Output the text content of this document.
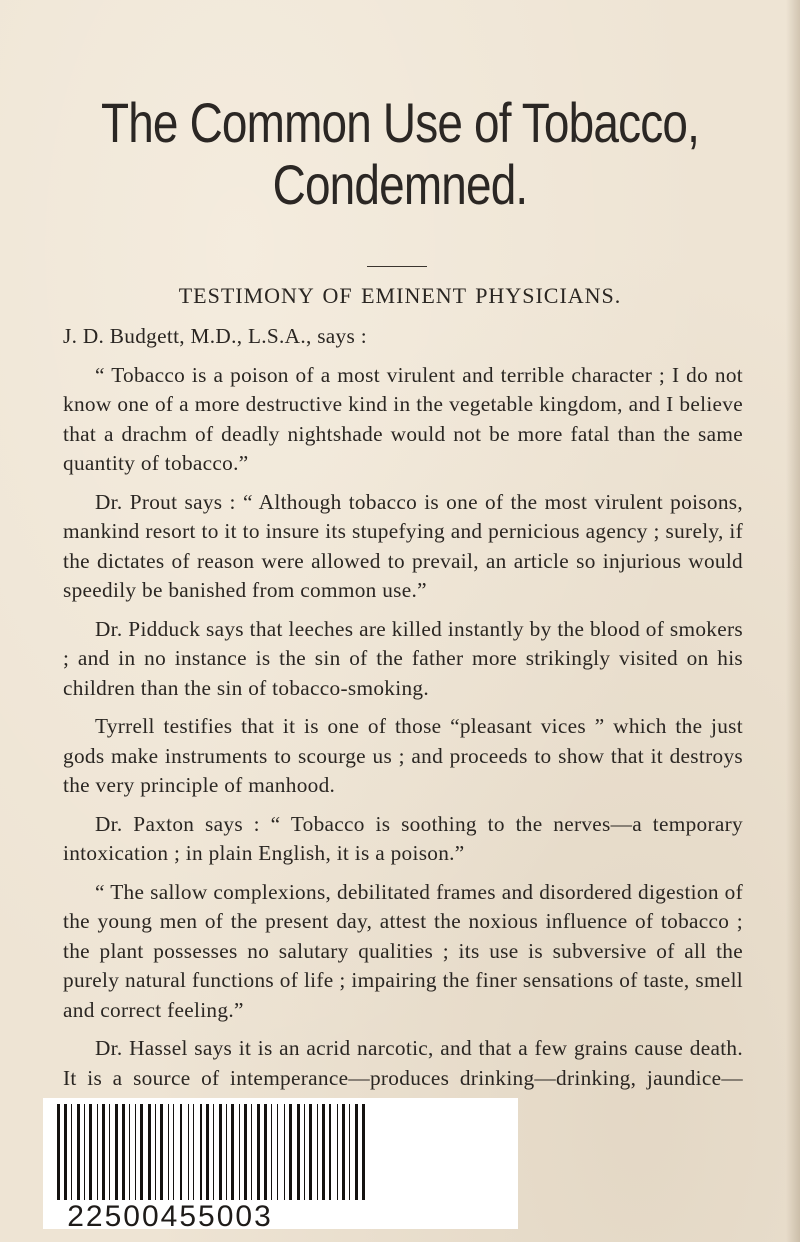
The Common Use of Tobacco,
Condemned.
TESTIMONY OF EMINENT PHYSICIANS.

J. D. Budgett, M.D., L.S.A., says :

“ Tobacco is a poison of a most virulent and terrible character ; I do not know one of a more destructive kind in the vegetable kingdom, and I believe that a drachm of deadly nightshade would not be more fatal than the same quantity of tobacco.”

Dr. Prout says : “ Although tobacco is one of the most virulent poisons, mankind resort to it to insure its stupefying and pernicious agency ; surely, if the dictates of reason were allowed to prevail, an article so injurious would speedily be banished from common use.”

Dr. Pidduck says that leeches are killed instantly by the blood of smokers ; and in no instance is the sin of the father more strikingly visited on his children than the sin of tobacco-smoking.

Tyrrell testifies that it is one of those “pleasant vices ” which the just gods make instruments to scourge us ; and proceeds to show that it destroys the very principle of manhood.

Dr. Paxton says : “ Tobacco is soothing to the nerves—a temporary intoxication ; in plain English, it is a poison.”

“ The sallow complexions, debilitated frames and disordered digestion of the young men of the present day, attest the noxious influence of tobacco ; the plant possesses no salutary qualities ; its use is subversive of all the purely natural functions of life ; impairing the finer sensations of taste, smell and correct feeling.”

Dr. Hassel says it is an acrid narcotic, and that a few grains cause death. It is a source of intemperance—produces drinking—drinking, jaundice—

22500455003
